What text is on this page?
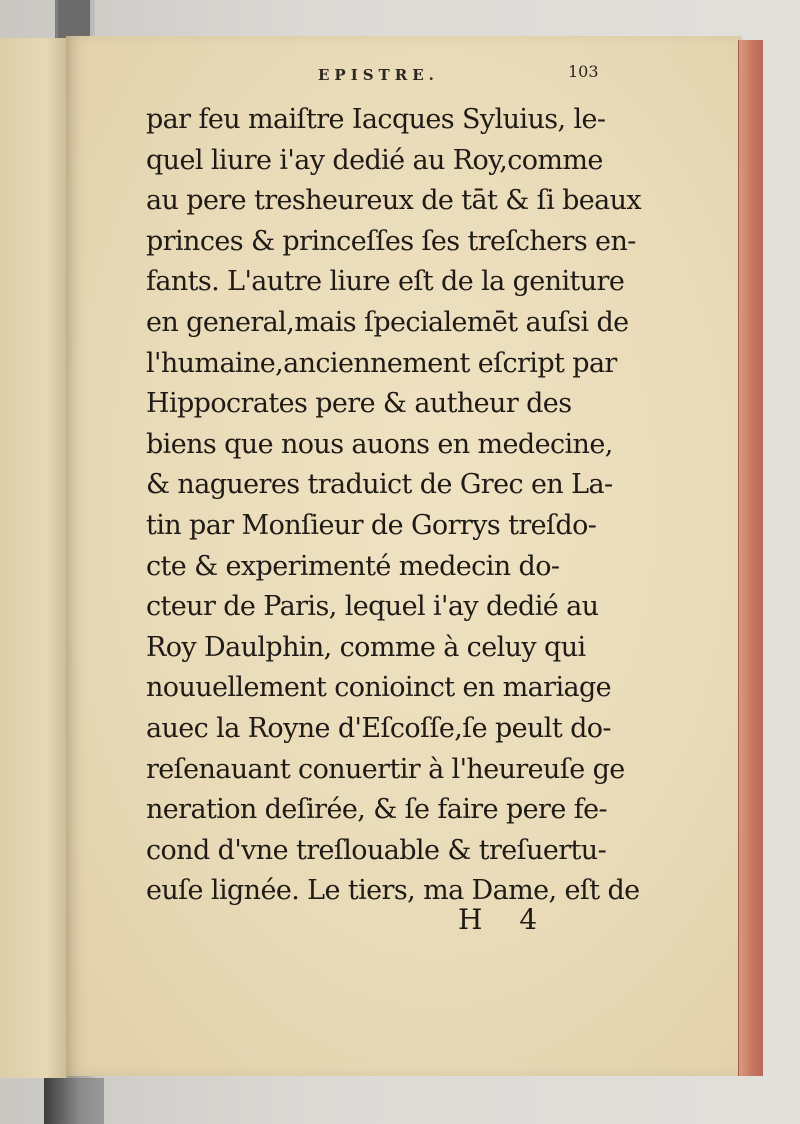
EPISTRE.	103
par feu maiſtre Iacques Syluius, le-
quel liure i'ay dedié au Roy,comme
au pere tresheureux de tāt & ſi beaux
princes & princeſſes ſes treſchers en-
fants. L'autre liure eſt de la geniture
en general,mais ſpecialemēt auſsi de
l'humaine,anciennement eſcript par
Hippocrates pere & autheur des
biens que nous auons en medecine,
& nagueres traduict de Grec en La-
tin par Monſieur de Gorrys treſdo-
cte & experimenté medecin do-
cteur de Paris, lequel i'ay dedié au
Roy Daulphin, comme à celuy qui
nouuellement conioinct en mariage
auec la Royne d'Eſcoſſe,ſe peult do-
reſenauant conuertir à l'heureuſe ge
neration deſirée, & ſe faire pere fe-
cond d'vne treſlouable & treſuertu-
euſe lignée. Le tiers, ma Dame, eſt de
H 4
